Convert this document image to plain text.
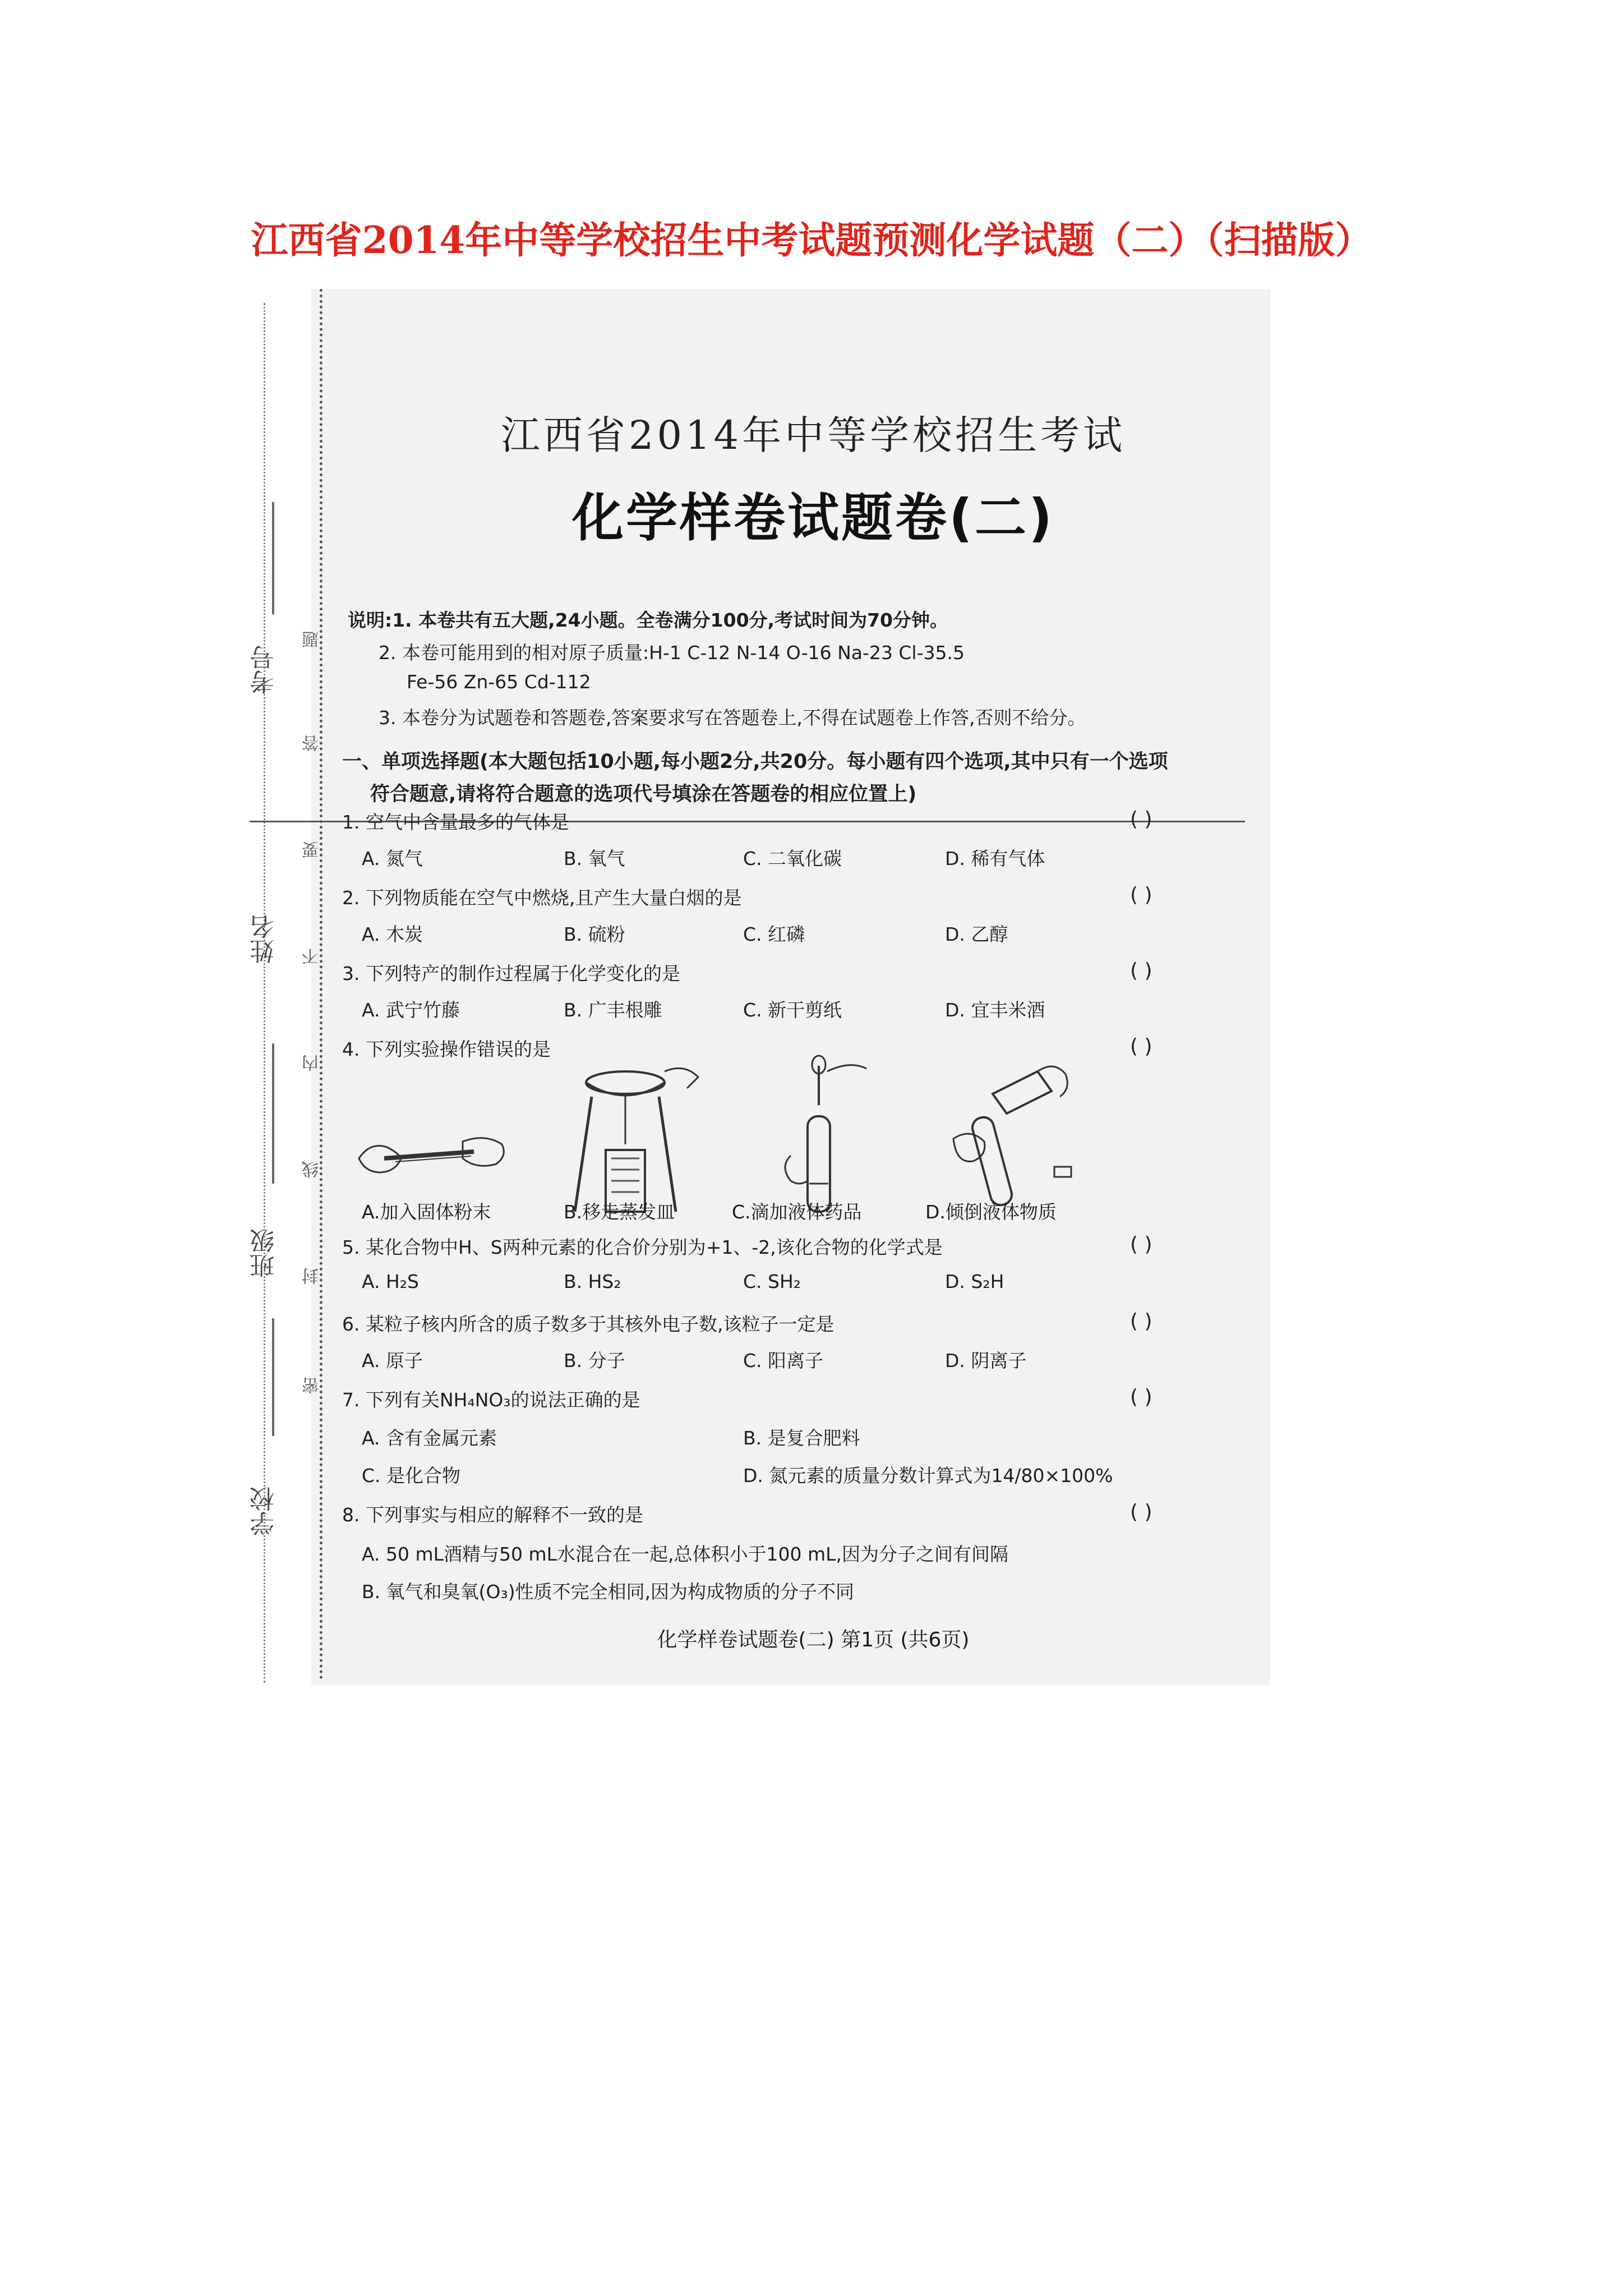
江西省2014年中等学校招生中考试题预测化学试题（二）（扫描版）
考号
姓名
班级
学校
题
答
要
不
内
线
封
密
江西省2014年中等学校招生考试
化学样卷试题卷(二)
说明:1. 本卷共有五大题,24小题。全卷满分100分,考试时间为70分钟。
2. 本卷可能用到的相对原子质量:H-1 C-12 N-14 O-16 Na-23 Cl-35.5
Fe-56 Zn-65 Cd-112
3. 本卷分为试题卷和答题卷,答案要求写在答题卷上,不得在试题卷上作答,否则不给分。
一、单项选择题(本大题包括10小题,每小题2分,共20分。每小题有四个选项,其中只有一个选项
符合题意,请将符合题意的选项代号填涂在答题卷的相应位置上)
1. 空气中含量最多的气体是	( )
A. 氮气	B. 氧气	C. 二氧化碳	D. 稀有气体
2. 下列物质能在空气中燃烧,且产生大量白烟的是	( )
A. 木炭	B. 硫粉	C. 红磷	D. 乙醇
3. 下列特产的制作过程属于化学变化的是	( )
A. 武宁竹藤	B. 广丰根雕	C. 新干剪纸	D. 宜丰米酒
4. 下列实验操作错误的是	( )
A.加入固体粉末	B.移走蒸发皿	C.滴加液体药品	D.倾倒液体物质
5. 某化合物中H、S两种元素的化合价分别为+1、-2,该化合物的化学式是	( )
A. H₂S	B. HS₂	C. SH₂	D. S₂H
6. 某粒子核内所含的质子数多于其核外电子数,该粒子一定是	( )
A. 原子	B. 分子	C. 阳离子	D. 阴离子
7. 下列有关NH₄NO₃的说法正确的是	( )
A. 含有金属元素	B. 是复合肥料
C. 是化合物	D. 氮元素的质量分数计算式为14/80×100%
8. 下列事实与相应的解释不一致的是	( )
A. 50 mL酒精与50 mL水混合在一起,总体积小于100 mL,因为分子之间有间隔
B. 氧气和臭氧(O₃)性质不完全相同,因为构成物质的分子不同
化学样卷试题卷(二) 第1页 (共6页)
